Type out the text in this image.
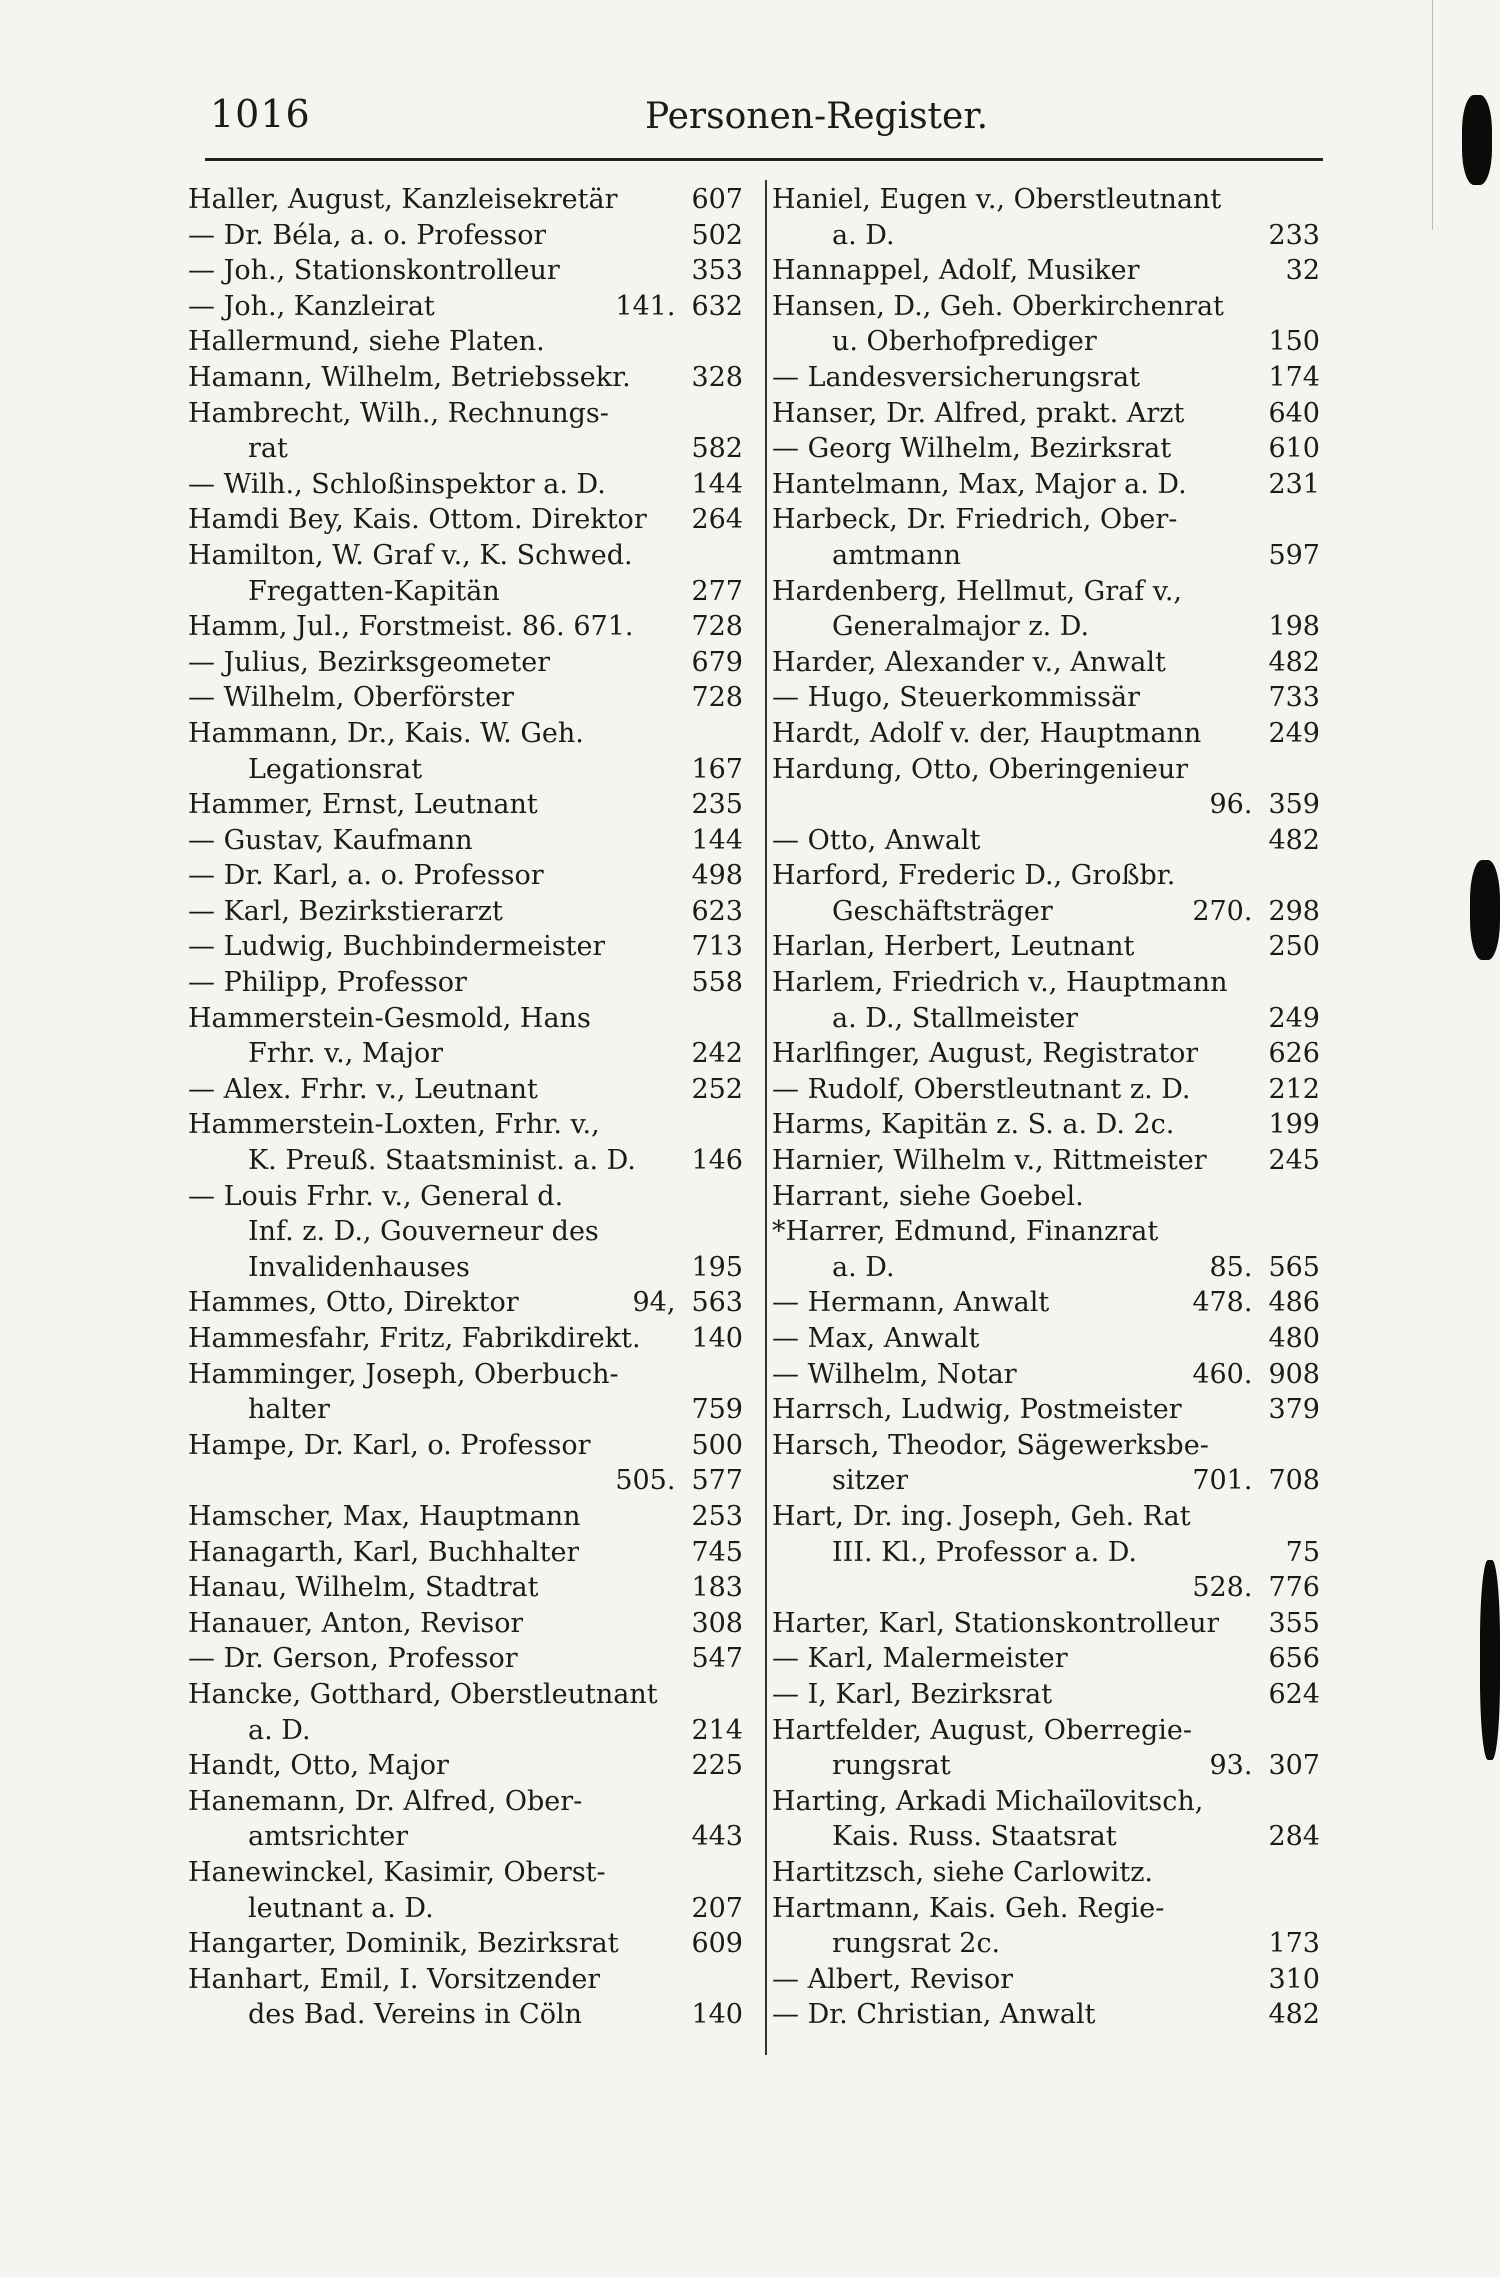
1016	Personen-Register.
Haller, August, Kanzleisekretär	607
— Dr. Béla, a. o. Professor	502
— Joh., Stationskontrolleur	353
— Joh., Kanzleirat	141. 632
Hallermund, siehe Platen.
Hamann, Wilhelm, Betriebssekr. 328
Hambrecht, Wilh., Rechnungs-
rat	582
— Wilh., Schloßinspektor a. D.	144
Hamdi Bey, Kais. Ottom. Direktor 264
Hamilton, W. Graf v., K. Schwed.
Fregatten-Kapitän	277
Hamm, Jul., Forstmeist. 86. 671. 728
— Julius, Bezirksgeometer	679
— Wilhelm, Oberförster	728
Hammann, Dr., Kais. W. Geh.
Legationsrat	167
Hammer, Ernst, Leutnant	235
— Gustav, Kaufmann	144
— Dr. Karl, a. o. Professor	498
— Karl, Bezirkstierarzt	623
— Ludwig, Buchbindermeister	713
— Philipp, Professor	558
Hammerstein-Gesmold, Hans
Frhr. v., Major	242
— Alex. Frhr. v., Leutnant	252
Hammerstein-Loxten, Frhr. v.,
K. Preuß. Staatsminist. a. D. 146
— Louis Frhr. v., General d.
Inf. z. D., Gouverneur des
Invalidenhauses	195
Hammes, Otto, Direktor	94, 563
Hammesfahr, Fritz, Fabrikdirekt. 140
Hamminger, Joseph, Oberbuch-
halter	759
Hampe, Dr. Karl, o. Professor	500
505. 577
Hamscher, Max, Hauptmann	253
Hanagarth, Karl, Buchhalter	745
Hanau, Wilhelm, Stadtrat	183
Hanauer, Anton, Revisor	308
— Dr. Gerson, Professor	547
Hancke, Gotthard, Oberstleutnant
a. D.	214
Handt, Otto, Major	225
Hanemann, Dr. Alfred, Ober-
amtsrichter	443
Hanewinckel, Kasimir, Oberst-
leutnant a. D.	207
Hangarter, Dominik, Bezirksrat	609
Hanhart, Emil, I. Vorsitzender
des Bad. Vereins in Cöln	140
Haniel, Eugen v., Oberstleutnant
a. D.	233
Hannappel, Adolf, Musiker	32
Hansen, D., Geh. Oberkirchenrat
u. Oberhofprediger	150
— Landesversicherungsrat	174
Hanser, Dr. Alfred, prakt. Arzt	640
— Georg Wilhelm, Bezirksrat	610
Hantelmann, Max, Major a. D.	231
Harbeck, Dr. Friedrich, Ober-
amtmann	597
Hardenberg, Hellmut, Graf v.,
Generalmajor z. D.	198
Harder, Alexander v., Anwalt	482
— Hugo, Steuerkommissär	733
Hardt, Adolf v. der, Hauptmann 249
Hardung, Otto, Oberingenieur
96. 359
— Otto, Anwalt	482
Harford, Frederic D., Großbr.
Geschäftsträger	270. 298
Harlan, Herbert, Leutnant	250
Harlem, Friedrich v., Hauptmann
a. D., Stallmeister	249
Harlfinger, August, Registrator	626
— Rudolf, Oberstleutnant z. D.	212
Harms, Kapitän z. S. a. D. 2c.	199
Harnier, Wilhelm v., Rittmeister 245
Harrant, siehe Goebel.
*Harrer, Edmund, Finanzrat
a. D.	85. 565
— Hermann, Anwalt	478. 486
— Max, Anwalt	480
— Wilhelm, Notar	460. 908
Harrsch, Ludwig, Postmeister	379
Harsch, Theodor, Sägewerksbe-
sitzer	701. 708
Hart, Dr. ing. Joseph, Geh. Rat
III. Kl., Professor a. D.	75
528. 776
Harter, Karl, Stationskontrolleur 355
— Karl, Malermeister	656
— I, Karl, Bezirksrat	624
Hartfelder, August, Oberregie-
rungsrat	93. 307
Harting, Arkadi Michaïlovitsch,
Kais. Russ. Staatsrat	284
Hartitzsch, siehe Carlowitz.
Hartmann, Kais. Geh. Regie-
rungsrat 2c.	173
— Albert, Revisor	310
— Dr. Christian, Anwalt	482
